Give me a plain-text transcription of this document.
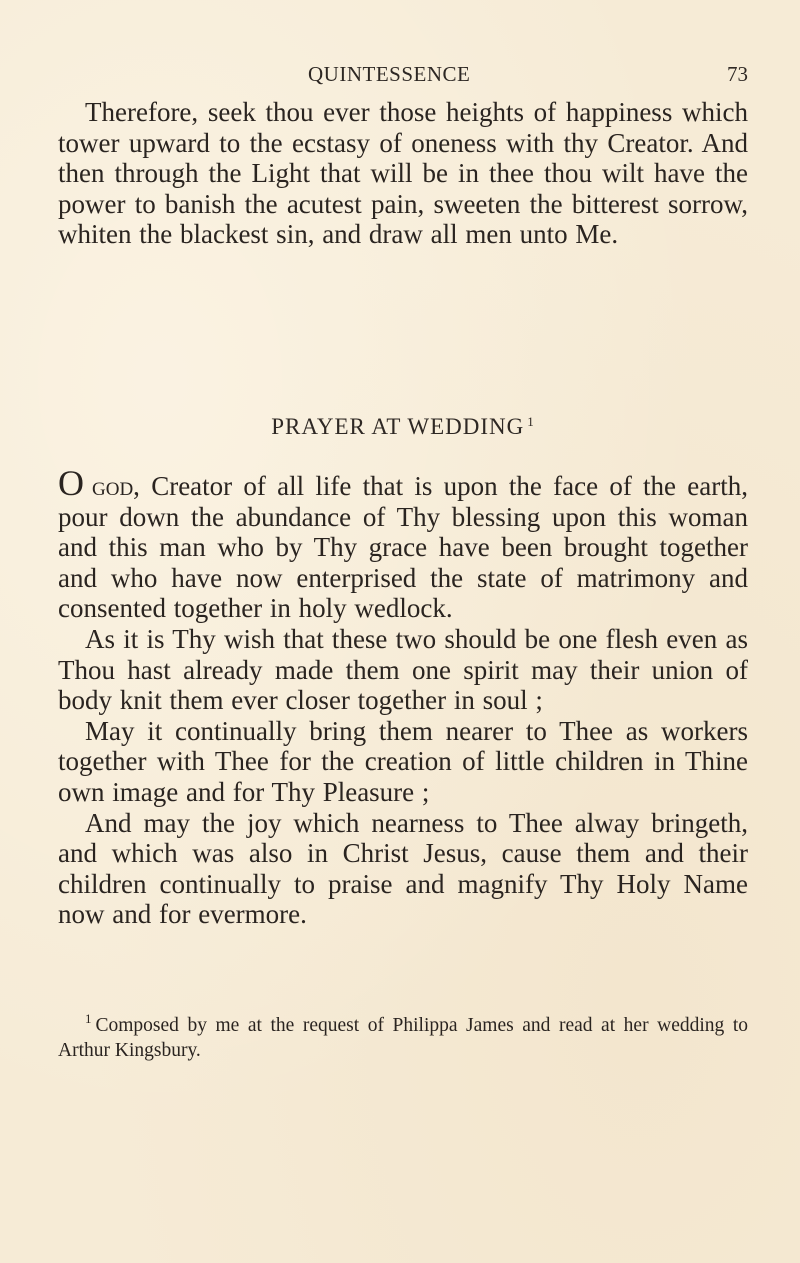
QUINTESSENCE	73

Therefore, seek thou ever those heights of happiness which tower upward to the ecstasy of oneness with thy Creator. And then through the Light that will be in thee thou wilt have the power to banish the acutest pain, sweeten the bitterest sorrow, whiten the blackest sin, and draw all men unto Me.

PRAYER AT WEDDING $^1$

O god, Creator of all life that is upon the face of the earth, pour down the abundance of Thy blessing upon this woman and this man who by Thy grace have been brought together and who have now enterprised the state of matrimony and consented together in holy wedlock.

As it is Thy wish that these two should be one flesh even as Thou hast already made them one spirit may their union of body knit them ever closer together in soul ;

May it continually bring them nearer to Thee as workers together with Thee for the creation of little children in Thine own image and for Thy Pleasure ;

And may the joy which nearness to Thee alway bringeth, and which was also in Christ Jesus, cause them and their children continually to praise and magnify Thy Holy Name now and for evermore.

$^1$ Composed by me at the request of Philippa James and read at her wedding to Arthur Kingsbury.
